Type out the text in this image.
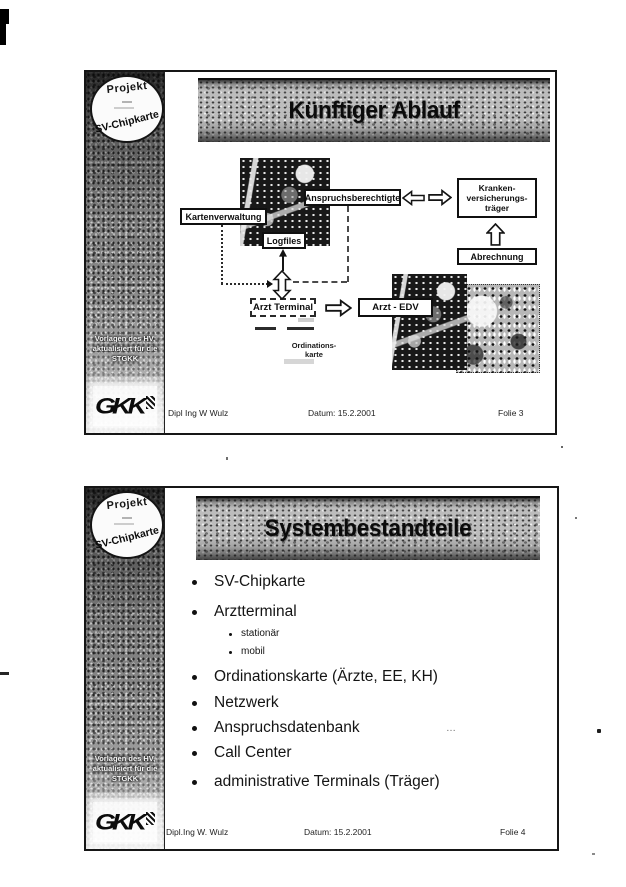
Projekt
SV-Chipkarte
Vorlagen des HV,
aktualisiert für die
STGKK
GKK
Künftiger Ablauf
Kartenverwaltung
Anspruchsberechtigte
Logfiles
Kranken-
versicherungs-
träger
Abrechnung
Arzt Terminal	Arzt - EDV
Ordinations-
karte
Dipl Ing W Wulz	Datum: 15.2.2001	Folie 3
Projekt
SV-Chipkarte
Vorlagen des HV,
aktualisiert für die
STGKK
GKK
Systembestandteile
SV-Chipkarte
Arztterminal
stationär
mobil
Ordinationskarte (Ärzte, EE, KH)
Netzwerk
Anspruchsdatenbank
Call Center
administrative Terminals (Träger)
…
Dipl.Ing W. Wulz	Datum: 15.2.2001	Folie 4
